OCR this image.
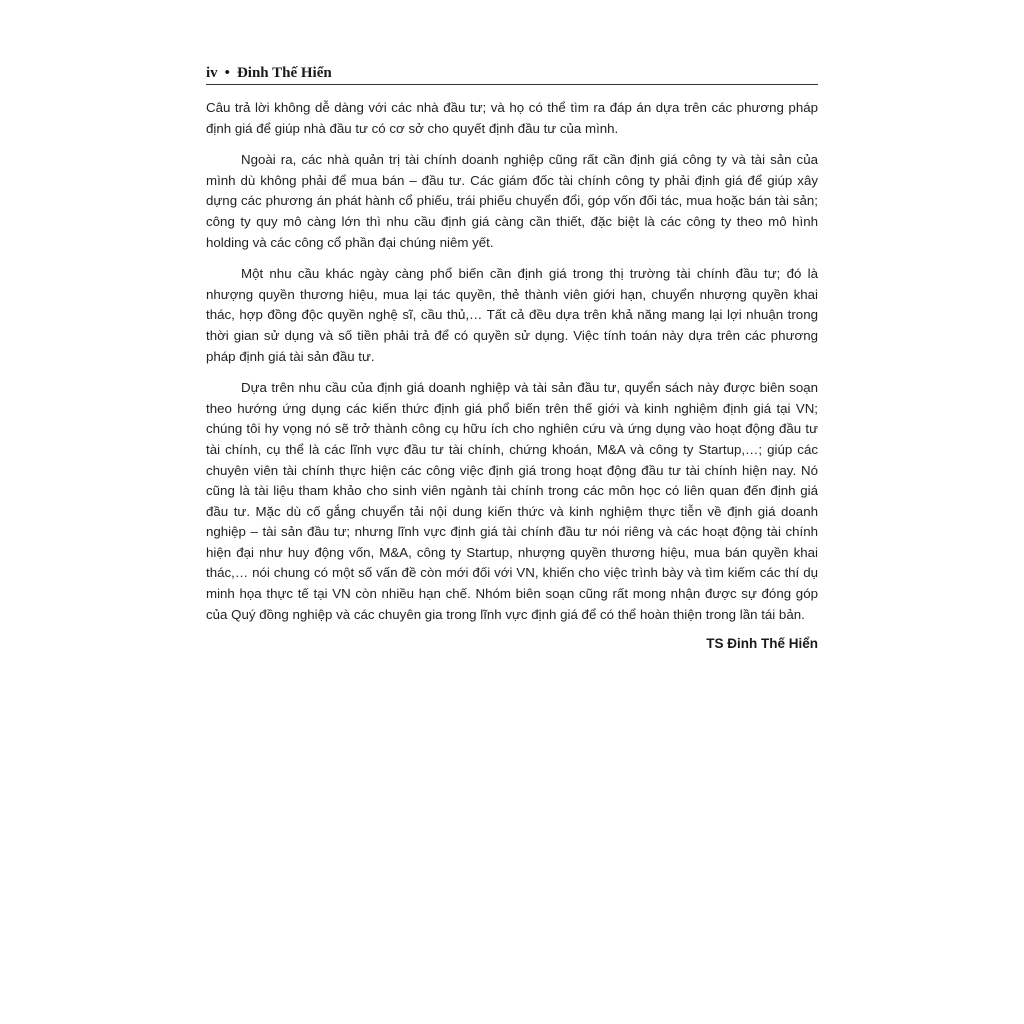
iv • Đinh Thế Hiển

Câu trả lời không dễ dàng với các nhà đầu tư; và họ có thể tìm ra đáp án dựa trên các phương pháp định giá để giúp nhà đầu tư có cơ sở cho quyết định đầu tư của mình.

Ngoài ra, các nhà quản trị tài chính doanh nghiệp cũng rất cần định giá công ty và tài sản của mình dù không phải để mua bán – đầu tư. Các giám đốc tài chính công ty phải định giá để giúp xây dựng các phương án phát hành cổ phiếu, trái phiếu chuyển đổi, góp vốn đối tác, mua hoặc bán tài sản; công ty quy mô càng lớn thì nhu cầu định giá càng cần thiết, đặc biệt là các công ty theo mô hình holding và các công cổ phần đại chúng niêm yết.

Một nhu cầu khác ngày càng phổ biến cần định giá trong thị trường tài chính đầu tư; đó là nhượng quyền thương hiệu, mua lại tác quyền, thẻ thành viên giới hạn, chuyển nhượng quyền khai thác, hợp đồng độc quyền nghệ sĩ, cầu thủ,… Tất cả đều dựa trên khả năng mang lại lợi nhuận trong thời gian sử dụng và số tiền phải trả để có quyền sử dụng. Việc tính toán này dựa trên các phương pháp định giá tài sản đầu tư.

Dựa trên nhu cầu của định giá doanh nghiệp và tài sản đầu tư, quyển sách này được biên soạn theo hướng ứng dụng các kiến thức định giá phổ biến trên thế giới và kinh nghiệm định giá tại VN; chúng tôi hy vọng nó sẽ trở thành công cụ hữu ích cho nghiên cứu và ứng dụng vào hoạt động đầu tư tài chính, cụ thể là các lĩnh vực đầu tư tài chính, chứng khoán, M&A và công ty Startup,…; giúp các chuyên viên tài chính thực hiện các công việc định giá trong hoạt động đầu tư tài chính hiện nay. Nó cũng là tài liệu tham khảo cho sinh viên ngành tài chính trong các môn học có liên quan đến định giá đầu tư. Mặc dù cố gắng chuyển tải nội dung kiến thức và kinh nghiệm thực tiễn về định giá doanh nghiệp – tài sản đầu tư; nhưng lĩnh vực định giá tài chính đầu tư nói riêng và các hoạt động tài chính hiện đại như huy động vốn, M&A, công ty Startup, nhượng quyền thương hiệu, mua bán quyền khai thác,… nói chung có một số vấn đề còn mới đối với VN, khiến cho việc trình bày và tìm kiếm các thí dụ minh họa thực tế tại VN còn nhiều hạn chế. Nhóm biên soạn cũng rất mong nhận được sự đóng góp của Quý đồng nghiệp và các chuyên gia trong lĩnh vực định giá để có thể hoàn thiện trong lần tái bản.

TS Đinh Thế Hiển
